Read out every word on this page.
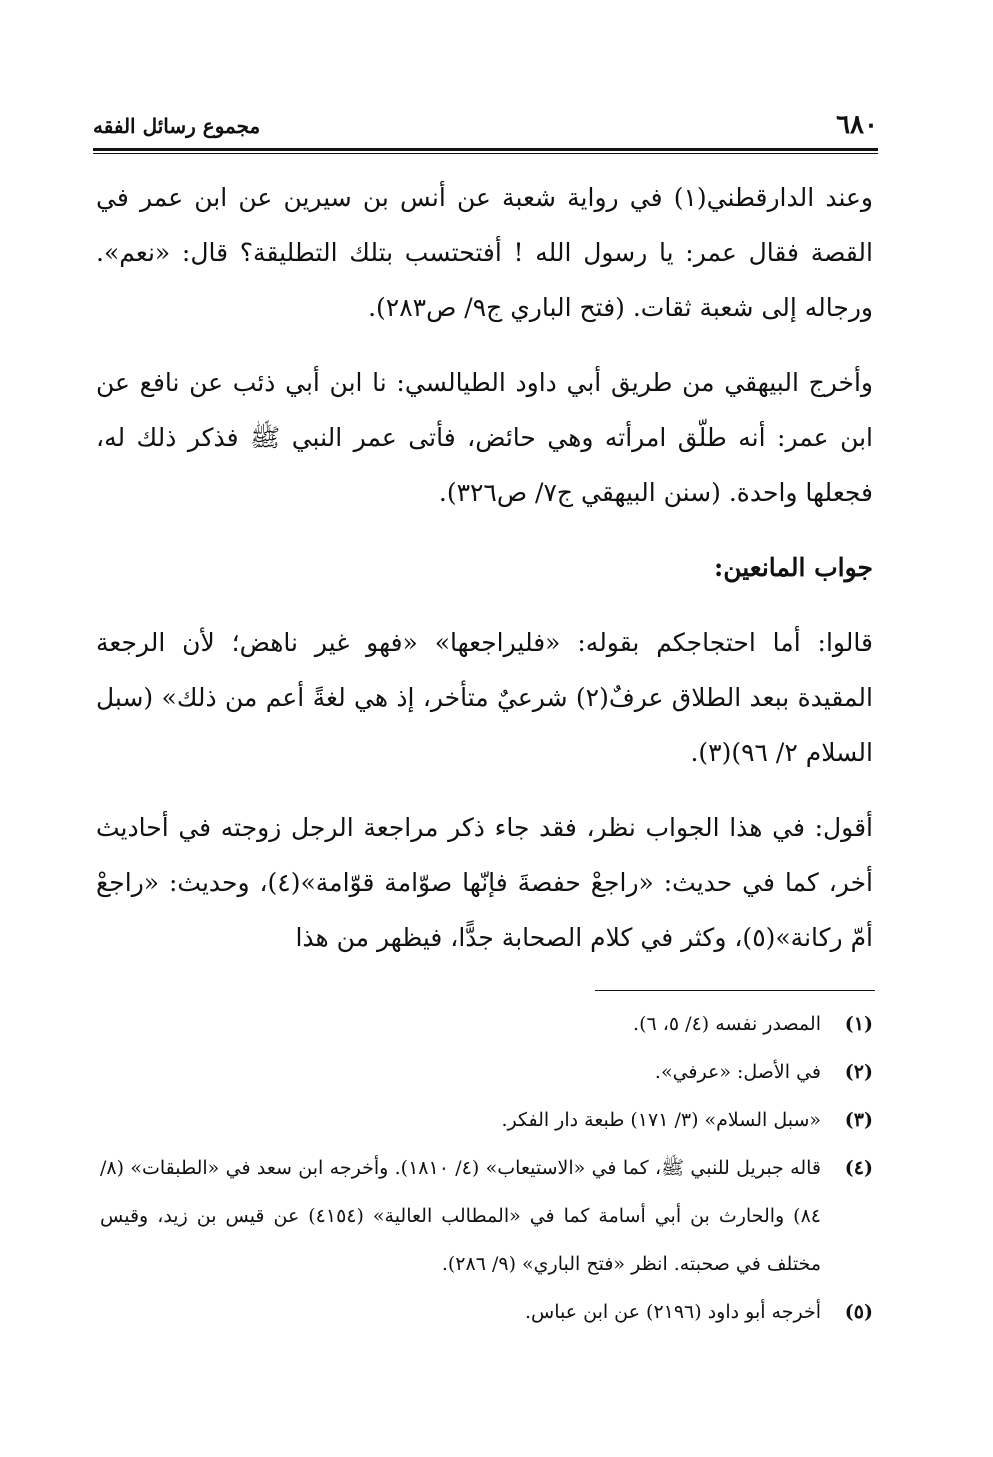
٦٨٠
مجموع رسائل الفقه

وعند الدارقطني(١) في رواية شعبة عن أنس بن سيرين عن ابن عمر في القصة فقال عمر: يا رسول الله ! أفتحتسب بتلك التطليقة؟ قال: «نعم». ورجاله إلى شعبة ثقات. (فتح الباري ج٩/ ص٢٨٣).

وأخرج البيهقي من طريق أبي داود الطيالسي: نا ابن أبي ذئب عن نافع عن ابن عمر: أنه طلّق امرأته وهي حائض، فأتى عمر النبي ﷺ فذكر ذلك له، فجعلها واحدة. (سنن البيهقي ج٧/ ص٣٢٦).

جواب المانعين:

قالوا: أما احتجاجكم بقوله: «فليراجعها» «فهو غير ناهض؛ لأن الرجعة المقيدة ببعد الطلاق عرفٌ(٢) شرعيٌ متأخر، إذ هي لغةً أعم من ذلك» (سبل السلام ٢/ ٩٦)(٣).

أقول: في هذا الجواب نظر، فقد جاء ذكر مراجعة الرجل زوجته في أحاديث أخر، كما في حديث: «راجعْ حفصةَ فإنّها صوّامة قوّامة»(٤)، وحديث: «راجعْ أمّ ركانة»(٥)، وكثر في كلام الصحابة جدًّا، فيظهر من هذا

(١)
المصدر نفسه (٤/ ٥، ٦).

(٢)
في الأصل: «عرفي».

(٣)
«سبل السلام» (٣/ ١٧١) طبعة دار الفكر.

(٤)
قاله جبريل للنبي ﷺ، كما في «الاستيعاب» (٤/ ١٨١٠). وأخرجه ابن سعد في «الطبقات» (٨/ ٨٤) والحارث بن أبي أسامة كما في «المطالب العالية» (٤١٥٤) عن قيس بن زيد، وقيس مختلف في صحبته. انظر «فتح الباري» (٩/ ٢٨٦).

(٥)
أخرجه أبو داود (٢١٩٦) عن ابن عباس.
